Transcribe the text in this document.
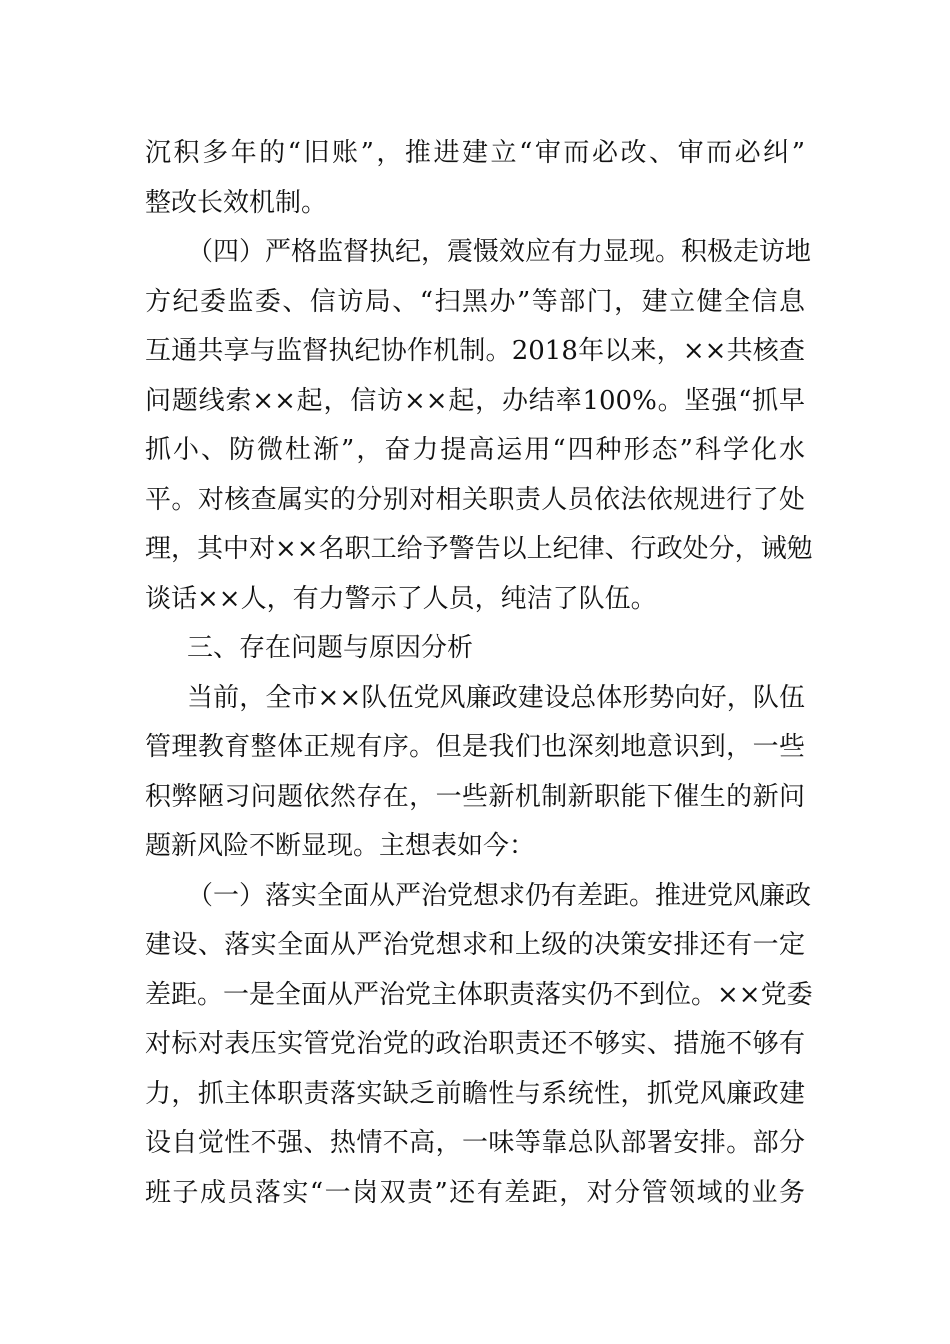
沉积多年的“旧账”，推进建立“审而必改、审而必纠”
整改长效机制。
（四）严格监督执纪，震慑效应有力显现。积极走访地
方纪委监委、信访局、“扫黑办”等部门，建立健全信息
互通共享与监督执纪协作机制。2018年以来，××共核查
问题线索××起，信访××起，办结率100%。坚强“抓早
抓小、防微杜渐”，奋力提高运用“四种形态”科学化水
平。对核查属实的分别对相关职责人员依法依规进行了处
理，其中对××名职工给予警告以上纪律、行政处分，诫勉
谈话××人，有力警示了人员，纯洁了队伍。
三、存在问题与原因分析
当前，全市××队伍党风廉政建设总体形势向好，队伍
管理教育整体正规有序。但是我们也深刻地意识到，一些
积弊陋习问题依然存在，一些新机制新职能下催生的新问
题新风险不断显现。主想表如今：
（一）落实全面从严治党想求仍有差距。推进党风廉政
建设、落实全面从严治党想求和上级的决策安排还有一定
差距。一是全面从严治党主体职责落实仍不到位。××党委
对标对表压实管党治党的政治职责还不够实、措施不够有
力，抓主体职责落实缺乏前瞻性与系统性，抓党风廉政建
设自觉性不强、热情不高，一味等靠总队部署安排。部分
班子成员落实“一岗双责”还有差距，对分管领域的业务
